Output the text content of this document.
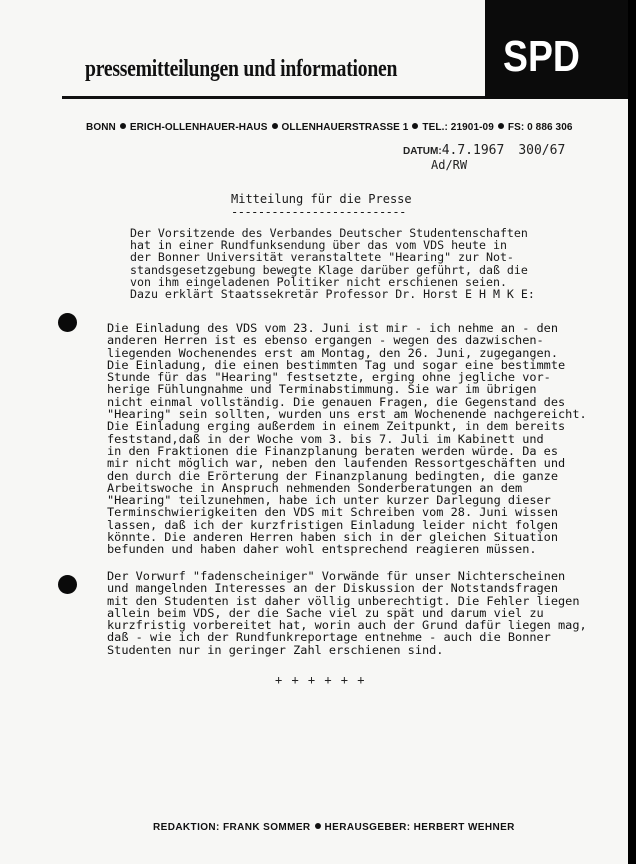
pressemitteilungen und informationen SPD
BONN ERICH-OLLENHAUER-HAUS OLLENHAUERSTRASSE 1 TEL.: 21901-09 FS: 0 886 306
DATUM:4.7.1967 300/67
Ad/RW
Mitteilung für die Presse
--------------------------
Der Vorsitzende des Verbandes Deutscher Studentenschaften
hat in einer Rundfunksendung über das vom VDS heute in
der Bonner Universität veranstaltete "Hearing" zur Not-
standsgesetzgebung bewegte Klage darüber geführt, daß die
von ihm eingeladenen Politiker nicht erschienen seien.
Dazu erklärt Staatssekretär Professor Dr. Horst E H M K E:
Die Einladung des VDS vom 23. Juni ist mir - ich nehme an - den
anderen Herren ist es ebenso ergangen - wegen des dazwischen-
liegenden Wochenendes erst am Montag, den 26. Juni, zugegangen.
Die Einladung, die einen bestimmten Tag und sogar eine bestimmte
Stunde für das "Hearing" festsetzte, erging ohne jegliche vor-
herige Fühlungnahme und Terminabstimmung. Sie war im übrigen
nicht einmal vollständig. Die genauen Fragen, die Gegenstand des
"Hearing" sein sollten, wurden uns erst am Wochenende nachgereicht.
Die Einladung erging außerdem in einem Zeitpunkt, in dem bereits
feststand,daß in der Woche vom 3. bis 7. Juli im Kabinett und
in den Fraktionen die Finanzplanung beraten werden würde. Da es
mir nicht möglich war, neben den laufenden Ressortgeschäften und
den durch die Erörterung der Finanzplanung bedingten, die ganze
Arbeitswoche in Anspruch nehmenden Sonderberatungen an dem
"Hearing" teilzunehmen, habe ich unter kurzer Darlegung dieser
Terminschwierigkeiten den VDS mit Schreiben vom 28. Juni wissen
lassen, daß ich der kurzfristigen Einladung leider nicht folgen
könnte. Die anderen Herren haben sich in der gleichen Situation
befunden und haben daher wohl entsprechend reagieren müssen.
Der Vorwurf "fadenscheiniger" Vorwände für unser Nichterscheinen
und mangelnden Interesses an der Diskussion der Notstandsfragen
mit den Studenten ist daher völlig unberechtigt. Die Fehler liegen
allein beim VDS, der die Sache viel zu spät und darum viel zu
kurzfristig vorbereitet hat, worin auch der Grund dafür liegen mag,
daß - wie ich der Rundfunkreportage entnehme - auch die Bonner
Studenten nur in geringer Zahl erschienen sind.
+ + + + + +
REDAKTION: FRANK SOMMER HERAUSGEBER: HERBERT WEHNER
